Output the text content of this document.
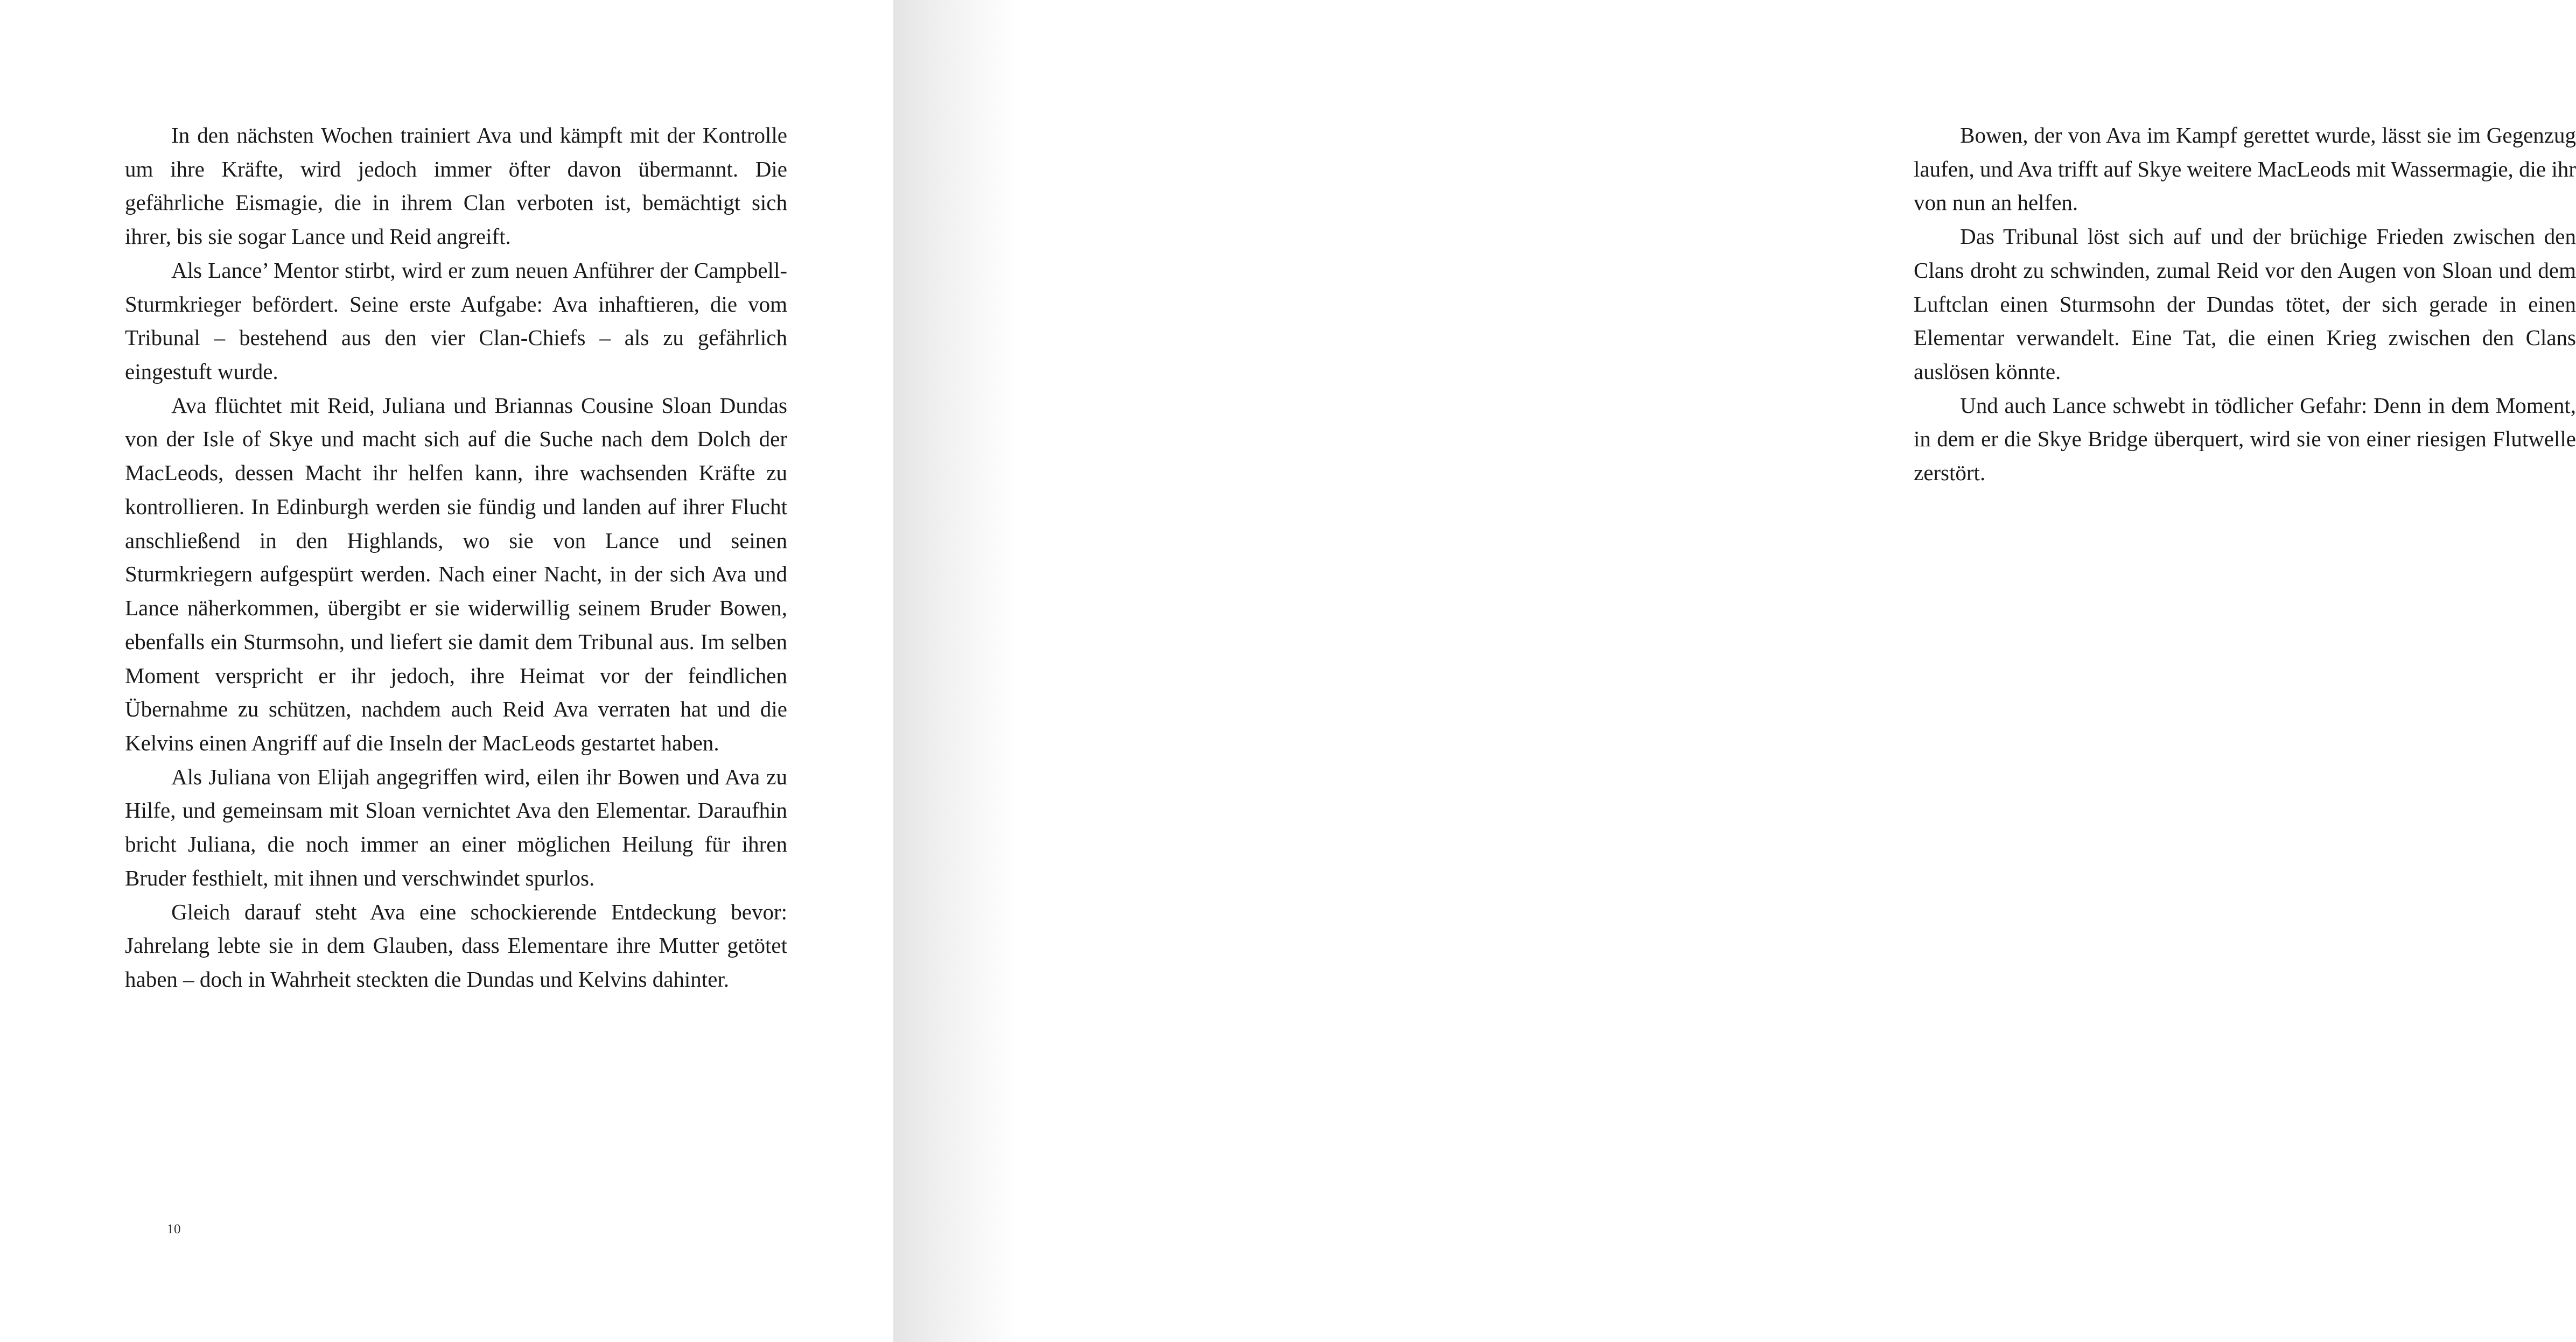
In den nächsten Wochen trainiert Ava und kämpft mit der Kontrolle um ihre Kräfte, wird jedoch immer öfter davon übermannt. Die gefährliche Eismagie, die in ihrem Clan verboten ist, bemächtigt sich ihrer, bis sie sogar Lance und Reid angreift.

Als Lance’ Mentor stirbt, wird er zum neuen Anführer der Campbell-Sturmkrieger befördert. Seine erste Aufgabe: Ava inhaftieren, die vom Tribunal – bestehend aus den vier Clan-Chiefs – als zu gefährlich eingestuft wurde.

Ava flüchtet mit Reid, Juliana und Briannas Cousine Sloan Dundas von der Isle of Skye und macht sich auf die Suche nach dem Dolch der MacLeods, dessen Macht ihr helfen kann, ihre wachsenden Kräfte zu kontrollieren. In Edinburgh werden sie fündig und landen auf ihrer Flucht anschließend in den Highlands, wo sie von Lance und seinen Sturmkriegern aufgespürt werden. Nach einer Nacht, in der sich Ava und Lance näherkommen, übergibt er sie widerwillig seinem Bruder Bowen, ebenfalls ein Sturmsohn, und liefert sie damit dem Tribunal aus. Im selben Moment verspricht er ihr jedoch, ihre Heimat vor der feindlichen Übernahme zu schützen, nachdem auch Reid Ava verraten hat und die Kelvins einen Angriff auf die Inseln der MacLeods gestartet haben.

Als Juliana von Elijah angegriffen wird, eilen ihr Bowen und Ava zu Hilfe, und gemeinsam mit Sloan vernichtet Ava den Elementar. Daraufhin bricht Juliana, die noch immer an einer möglichen Heilung für ihren Bruder festhielt, mit ihnen und verschwindet spurlos.

Gleich darauf steht Ava eine schockierende Entdeckung bevor: Jahrelang lebte sie in dem Glauben, dass Elementare ihre Mutter getötet haben – doch in Wahrheit steckten die Dundas und Kelvins dahinter.

10

Bowen, der von Ava im Kampf gerettet wurde, lässt sie im Gegenzug laufen, und Ava trifft auf Skye weitere MacLeods mit Wassermagie, die ihr von nun an helfen.

Das Tribunal löst sich auf und der brüchige Frieden zwischen den Clans droht zu schwinden, zumal Reid vor den Augen von Sloan und dem Luftclan einen Sturmsohn der Dundas tötet, der sich gerade in einen Elementar verwandelt. Eine Tat, die einen Krieg zwischen den Clans auslösen könnte.

Und auch Lance schwebt in tödlicher Gefahr: Denn in dem Moment, in dem er die Skye Bridge überquert, wird sie von einer riesigen Flutwelle zerstört.
